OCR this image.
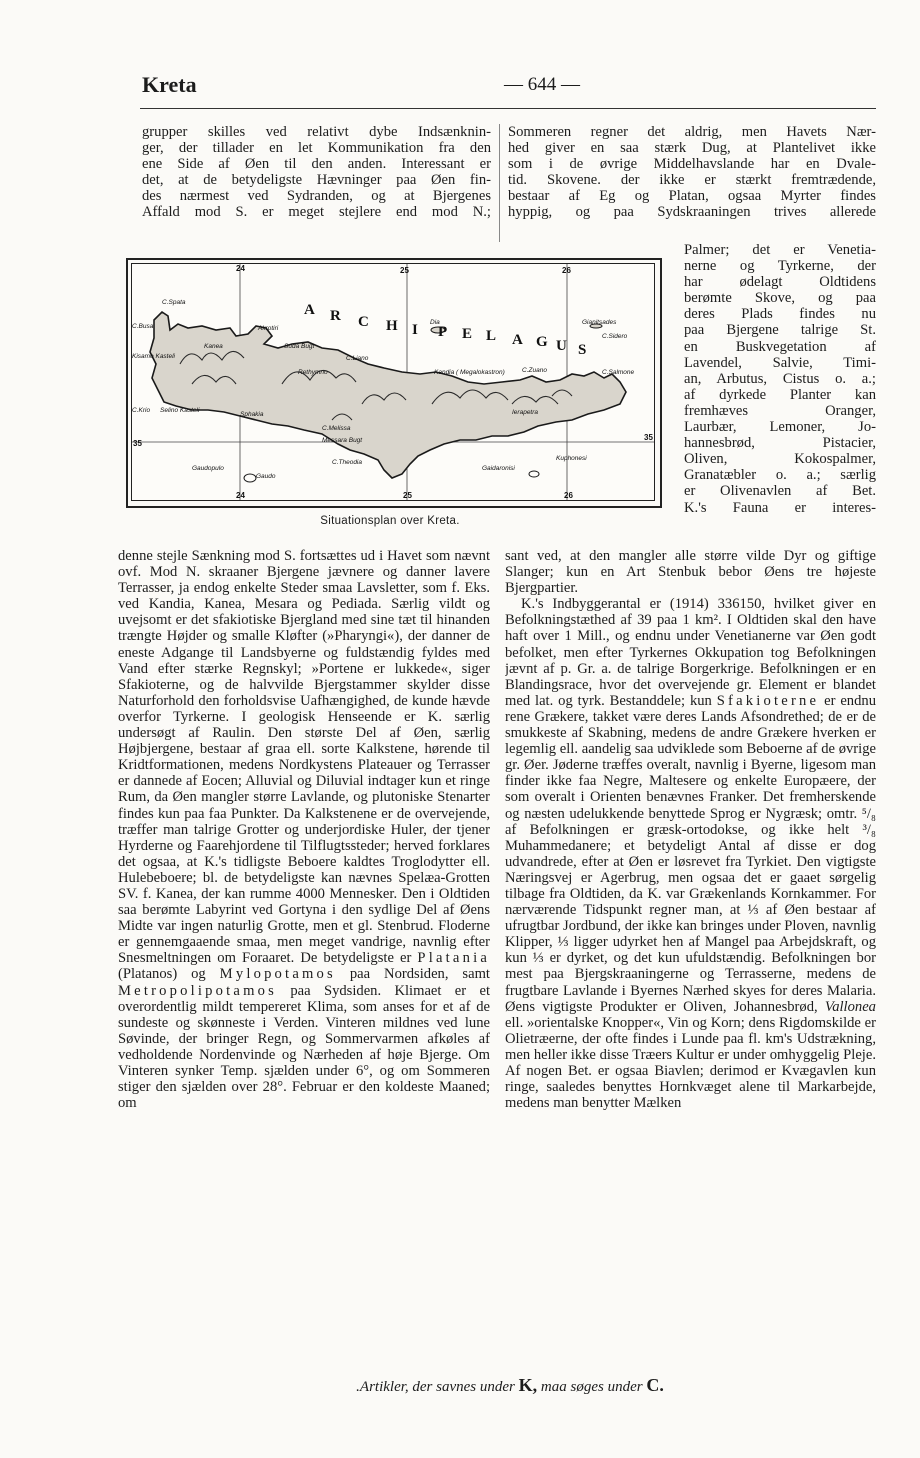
Kreta	— 644 —
grupper skilles ved relativt dybe Indsænknin-
ger, der tillader en let Kommunikation fra den
ene Side af Øen til den anden. Interessant er
det, at de betydeligste Hævninger paa Øen fin-
des nærmest ved Sydranden, og at Bjergenes
Affald mod S. er meget stejlere end mod N.;
Sommeren regner det aldrig, men Havets Nær-
hed giver en saa stærk Dug, at Plantelivet ikke
som i de øvrige Middelhavslande har en Dvale-
tid. Skovene. der ikke er stærkt fremtrædende,
bestaar af Eg og Platan, ogsaa Myrter findes
hyppig, og paa Sydskraaningen trives allerede
24	25	26
24	25	26
35
35
A R C H I P E L A G U S
C.Spata
C.Busa
Kisamo Kasteli
Kanea
Akrotiri
Suda Bugt
C.Liano
Rethymno
Dia
Kandia ( Megalokastron)	C.Zuano
Gianitsades
C.Sidero
C.Salmone
C.Krio Selino Kasteli
Sphakia
C.Melissa
Messara Bugt
C.Theodia
Gaudopulo
Gaudo
Gaidaronisi
Kuphonesi
Ierapetra
Situationsplan over Kreta.
Palmer; det er Venetia-
nerne og Tyrkerne, der
har ødelagt Oldtidens
berømte Skove, og paa
deres Plads findes nu
paa Bjergene talrige St.
en Buskvegetation af
Lavendel, Salvie, Timi-
an, Arbutus, Cistus o. a.;
af dyrkede Planter kan
fremhæves Oranger,
Laurbær, Lemoner, Jo-
hannesbrød, Pistacier,
Oliven, Kokospalmer,
Granatæbler o. a.; særlig
er Olivenavlen af Bet.
K.'s Fauna er interes-

denne stejle Sænkning mod S. fortsættes ud i Havet som nævnt ovf. Mod N. skraaner Bjergene jævnere og danner lavere Terrasser, ja endog enkelte Steder smaa Lavsletter, som f. Eks. ved Kandia, Kanea, Mesara og Pediada. Særlig vildt og uvejsomt er det sfakiotiske Bjergland med sine tæt til hinanden trængte Højder og smalle Kløfter (»Pharyngi«), der danner de eneste Adgange til Landsbyerne og fuldstændig fyldes med Vand efter stærke Regnskyl; »Portene er lukkede«, siger Sfakioterne, og de halvvilde Bjergstammer skylder disse Naturforhold den forholdsvise Uafhængighed, de kunde hævde overfor Tyrkerne. I geologisk Henseende er K. særlig undersøgt af Raulin. Den største Del af Øen, særlig Højbjergene, bestaar af graa ell. sorte Kalkstene, hørende til Kridtformationen, medens Nordkystens Plateauer og Terrasser er dannede af Eocen; Alluvial og Diluvial indtager kun et ringe Rum, da Øen mangler større Lavlande, og plutoniske Stenarter findes kun paa faa Punkter. Da Kalkstenene er de overvejende, træffer man talrige Grotter og underjordiske Huler, der tjener Hyrderne og Faarehjordene til Tilflugtssteder; herved forklares det ogsaa, at K.'s tidligste Beboere kaldtes Troglodytter ell. Hulebeboere; bl. de betydeligste kan nævnes Spelæa-Grotten SV. f. Kanea, der kan rumme 4000 Mennesker. Den i Oldtiden saa berømte Labyrint ved Gortyna i den sydlige Del af Øens Midte var ingen naturlig Grotte, men et gl. Stenbrud. Floderne er gennemgaaende smaa, men meget vandrige, navnlig efter Snesmeltningen om Foraaret. De betydeligste er Platania (Platanos) og Mylopotamos paa Nordsiden, samt Metropolipotamos paa Sydsiden. Klimaet er et overordentlig mildt tempereret Klima, som anses for et af de sundeste og skønneste i Verden. Vinteren mildnes ved lune Søvinde, der bringer Regn, og Sommervarmen afkøles af vedholdende Nordenvinde og Nærheden af høje Bjerge. Om Vinteren synker Temp. sjælden under 6°, og om Sommeren stiger den sjælden over 28°. Februar er den koldeste Maaned; om

sant ved, at den mangler alle større vilde Dyr og giftige Slanger; kun en Art Stenbuk bebor Øens tre højeste Bjergpartier.

K.'s Indbyggerantal er (1914) 336150, hvilket giver en Befolkningstæthed af 39 paa 1 km². I Oldtiden skal den have haft over 1 Mill., og endnu under Venetianerne var Øen godt befolket, men efter Tyrkernes Okkupation tog Befolkningen jævnt af p. Gr. a. de talrige Borgerkrige. Befolkningen er en Blandingsrace, hvor det overvejende gr. Element er blandet med lat. og tyrk. Bestanddele; kun Sfakioterne er endnu rene Grækere, takket være deres Lands Afsondrethed; de er de smukkeste af Skabning, medens de andre Grækere hverken er legemlig ell. aandelig saa udviklede som Beboerne af de øvrige gr. Øer. Jøderne træffes overalt, navnlig i Byerne, ligesom man finder ikke faa Negre, Maltesere og enkelte Europæere, der som overalt i Orienten benævnes Franker. Det fremherskende og næsten udelukkende benyttede Sprog er Nygræsk; omtr. ⁵/₈ af Befolkningen er græsk-ortodokse, og ikke helt ³/₈ Muhammedanere; et betydeligt Antal af disse er dog udvandrede, efter at Øen er løsrevet fra Tyrkiet. Den vigtigste Næringsvej er Agerbrug, men ogsaa det er gaaet sørgelig tilbage fra Oldtiden, da K. var Grækenlands Kornkammer. For nærværende Tidspunkt regner man, at ⅓ af Øen bestaar af ufrugtbar Jordbund, der ikke kan bringes under Ploven, navnlig Klipper, ⅓ ligger udyrket hen af Mangel paa Arbejdskraft, og kun ⅓ er dyrket, og det kun ufuldstændig. Befolkningen bor mest paa Bjergskraaningerne og Terrasserne, medens de frugtbare Lavlande i Byernes Nærhed skyes for deres Malaria. Øens vigtigste Produkter er Oliven, Johannesbrød, Vallonea ell. »orientalske Knopper«, Vin og Korn; dens Rigdomskilde er Olietræerne, der ofte findes i Lunde paa fl. km's Udstrækning, men heller ikke disse Træers Kultur er under omhyggelig Pleje. Af nogen Bet. er ogsaa Biavlen; derimod er Kvægavlen kun ringe, saaledes benyttes Hornkvæget alene til Markarbejde, medens man benytter Mælken

.Artikler, der savnes under K, maa søges under C.
